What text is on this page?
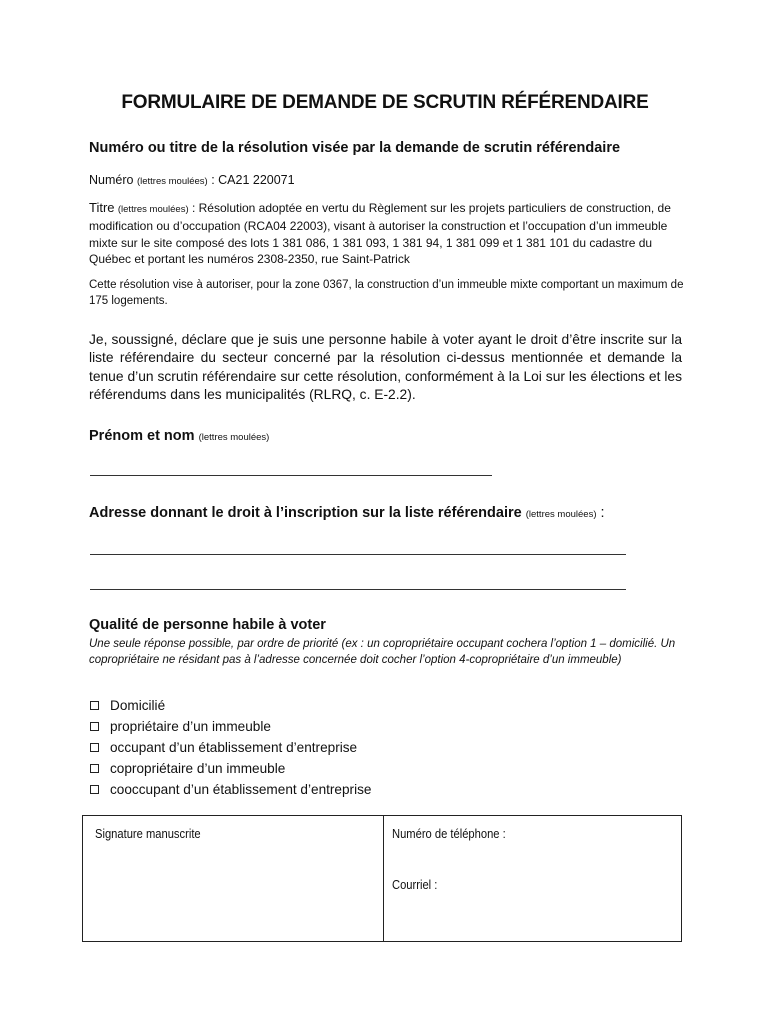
FORMULAIRE DE DEMANDE DE SCRUTIN RÉFÉRENDAIRE
Numéro ou titre de la résolution visée par la demande de scrutin référendaire
Numéro (lettres moulées) : CA21 220071
Titre (lettres moulées) : Résolution adoptée en vertu du Règlement sur les projets particuliers de construction, de modification ou d’occupation (RCA04 22003), visant à autoriser la construction et l’occupation d’un immeuble mixte sur le site composé des lots 1 381 086, 1 381 093, 1 381 94, 1 381 099 et 1 381 101 du cadastre du Québec et portant les numéros 2308-2350, rue Saint-Patrick
Cette résolution vise à autoriser, pour la zone 0367, la construction d’un immeuble mixte comportant un maximum de 175 logements.
Je, soussigné, déclare que je suis une personne habile à voter ayant le droit d’être inscrite sur la liste référendaire du secteur concerné par la résolution ci-dessus mentionnée et demande la tenue d’un scrutin référendaire sur cette résolution, conformément à la Loi sur les élections et les référendums dans les municipalités (RLRQ, c. E-2.2).
Prénom et nom (lettres moulées)
Adresse donnant le droit à l’inscription sur la liste référendaire (lettres moulées) :
Qualité de personne habile à voter
Une seule réponse possible, par ordre de priorité (ex : un copropriétaire occupant cochera l’option 1 – domicilié. Un copropriétaire ne résidant pas à l’adresse concernée doit cocher l’option 4-copropriétaire d’un immeuble)
Domicilié
propriétaire d’un immeuble
occupant d’un établissement d’entreprise
copropriétaire d’un immeuble
cooccupant d’un établissement d’entreprise
Signature manuscrite	Numéro de téléphone :
Courriel :
